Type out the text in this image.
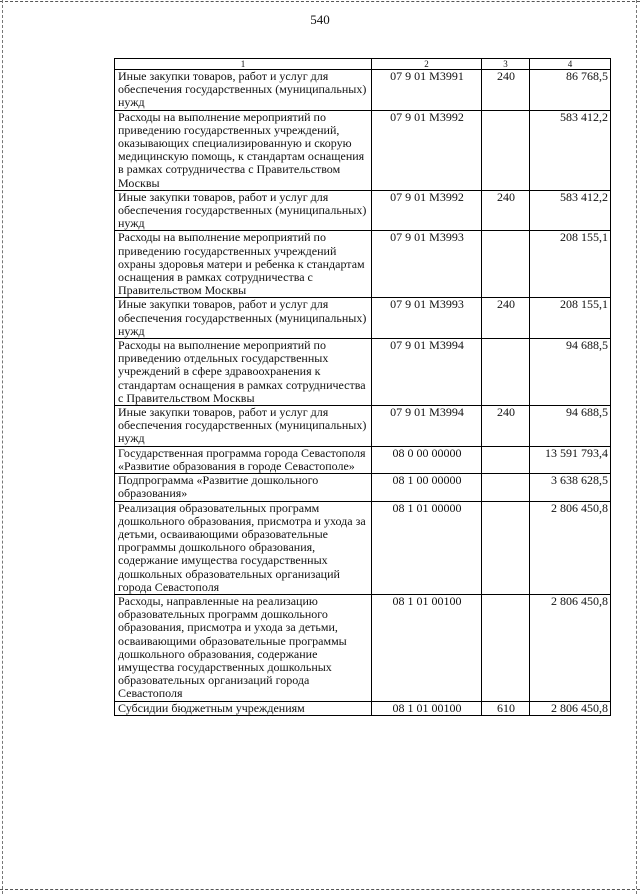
540
1	2	3	4
Иные закупки товаров, работ и услуг для обеспечения государственных (муниципальных) нужд	07 9 01 М3991	240	86 768,5
Расходы на выполнение мероприятий по приведению государственных учреждений, оказывающих специализированную и скорую медицинскую помощь, к стандартам оснащения в рамках сотрудничества с Правительством Москвы	07 9 01 М3992		583 412,2
Иные закупки товаров, работ и услуг для обеспечения государственных (муниципальных) нужд	07 9 01 М3992	240	583 412,2
Расходы на выполнение мероприятий по приведению государственных учреждений охраны здоровья матери и ребенка к стандартам оснащения в рамках сотрудничества с Правительством Москвы	07 9 01 М3993		208 155,1
Иные закупки товаров, работ и услуг для обеспечения государственных (муниципальных) нужд	07 9 01 М3993	240	208 155,1
Расходы на выполнение мероприятий по приведению отдельных государственных учреждений в сфере здравоохранения к стандартам оснащения в рамках сотрудничества с Правительством Москвы	07 9 01 М3994		94 688,5
Иные закупки товаров, работ и услуг для обеспечения государственных (муниципальных) нужд	07 9 01 М3994	240	94 688,5
Государственная программа города Севастополя «Развитие образования в городе Севастополе»	08 0 00 00000		13 591 793,4
Подпрограмма «Развитие дошкольного образования»	08 1 00 00000		3 638 628,5
Реализация образовательных программ дошкольного образования, присмотра и ухода за детьми, осваивающими образовательные программы дошкольного образования, содержание имущества государственных дошкольных образовательных организаций города Севастополя	08 1 01 00000		2 806 450,8
Расходы, направленные на реализацию образовательных программ дошкольного образования, присмотра и ухода за детьми, осваивающими образовательные программы дошкольного образования, содержание имущества государственных дошкольных образовательных организаций города Севастополя	08 1 01 00100		2 806 450,8
Субсидии бюджетным учреждениям	08 1 01 00100	610	2 806 450,8
